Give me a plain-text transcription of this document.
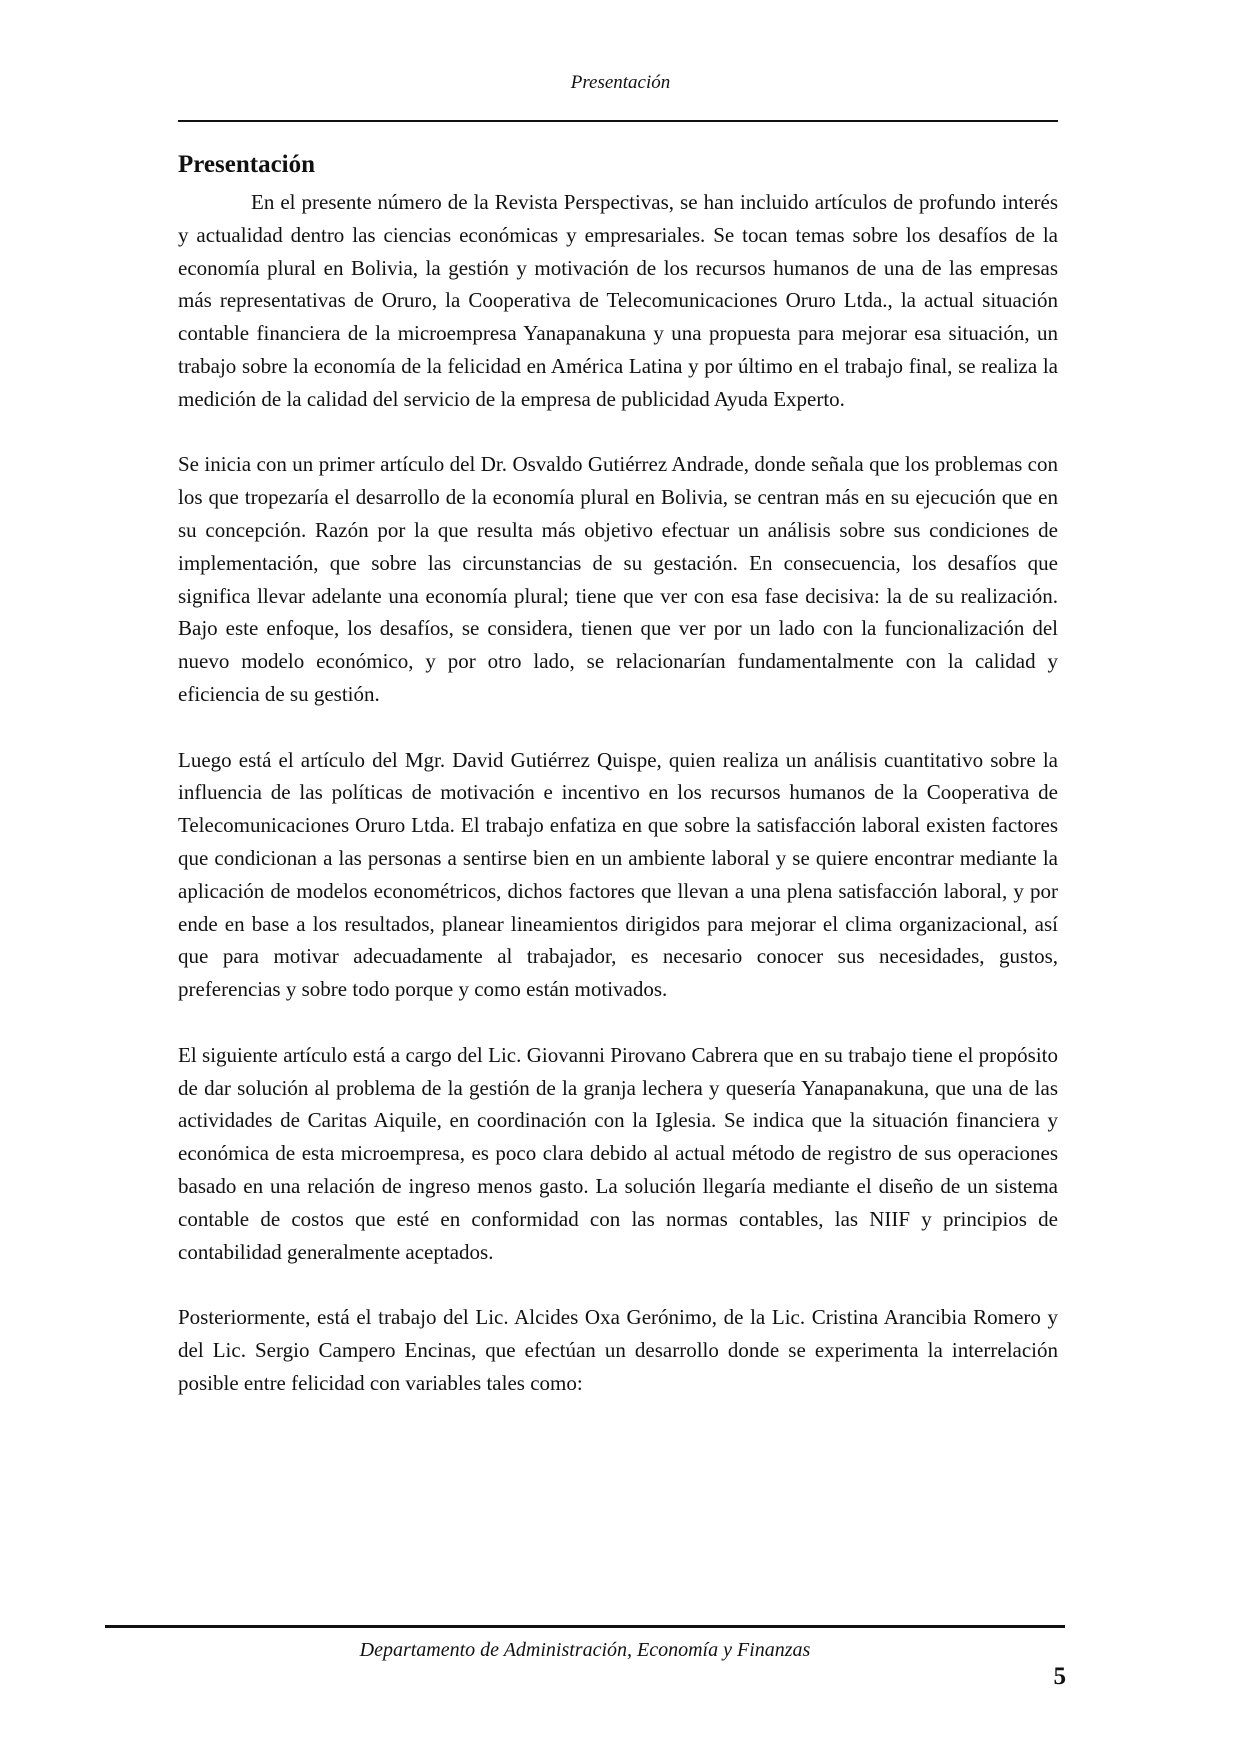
Presentación
Presentación

En el presente número de la Revista Perspectivas, se han incluido artículos de profundo interés y actualidad dentro las ciencias económicas y empresariales. Se tocan temas sobre los desafíos de la economía plural en Bolivia, la gestión y motivación de los recursos humanos de una de las empresas más representativas de Oruro, la Cooperativa de Telecomunicaciones Oruro Ltda., la actual situación contable financiera de la microempresa Yanapanakuna y una propuesta para mejorar esa situación, un trabajo sobre la economía de la felicidad en América Latina y por último en el trabajo final, se realiza la medición de la calidad del servicio de la empresa de publicidad Ayuda Experto.

Se inicia con un primer artículo del Dr. Osvaldo Gutiérrez Andrade, donde señala que los problemas con los que tropezaría el desarrollo de la economía plural en Bolivia, se centran más en su ejecución que en su concepción. Razón por la que resulta más objetivo efectuar un análisis sobre sus condiciones de implementación, que sobre las circunstancias de su gestación. En consecuencia, los desafíos que significa llevar adelante una economía plural; tiene que ver con esa fase decisiva: la de su realización. Bajo este enfoque, los desafíos, se considera, tienen que ver por un lado con la funcionalización del nuevo modelo económico, y por otro lado, se relacionarían fundamentalmente con la calidad y eficiencia de su gestión.

Luego está el artículo del Mgr. David Gutiérrez Quispe, quien realiza un análisis cuantitativo sobre la influencia de las políticas de motivación e incentivo en los recursos humanos de la Cooperativa de Telecomunicaciones Oruro Ltda. El trabajo enfatiza en que sobre la satisfacción laboral existen factores que condicionan a las personas a sentirse bien en un ambiente laboral y se quiere encontrar mediante la aplicación de modelos econométricos, dichos factores que llevan a una plena satisfacción laboral, y por ende en base a los resultados, planear lineamientos dirigidos para mejorar el clima organizacional, así que para motivar adecuadamente al trabajador, es necesario conocer sus necesidades, gustos, preferencias y sobre todo porque y como están motivados.

El siguiente artículo está a cargo del Lic. Giovanni Pirovano Cabrera que en su trabajo tiene el propósito de dar solución al problema de la gestión de la granja lechera y quesería Yanapanakuna, que una de las actividades de Caritas Aiquile, en coordinación con la Iglesia. Se indica que la situación financiera y económica de esta microempresa, es poco clara debido al actual método de registro de sus operaciones basado en una relación de ingreso menos gasto. La solución llegaría mediante el diseño de un sistema contable de costos que esté en conformidad con las normas contables, las NIIF y principios de contabilidad generalmente aceptados.

Posteriormente, está el trabajo del Lic. Alcides Oxa Gerónimo, de la Lic. Cristina Arancibia Romero y del Lic. Sergio Campero Encinas, que efectúan un desarrollo donde se experimenta la interrelación posible entre felicidad con variables tales como:

Departamento de Administración, Economía y Finanzas
5
